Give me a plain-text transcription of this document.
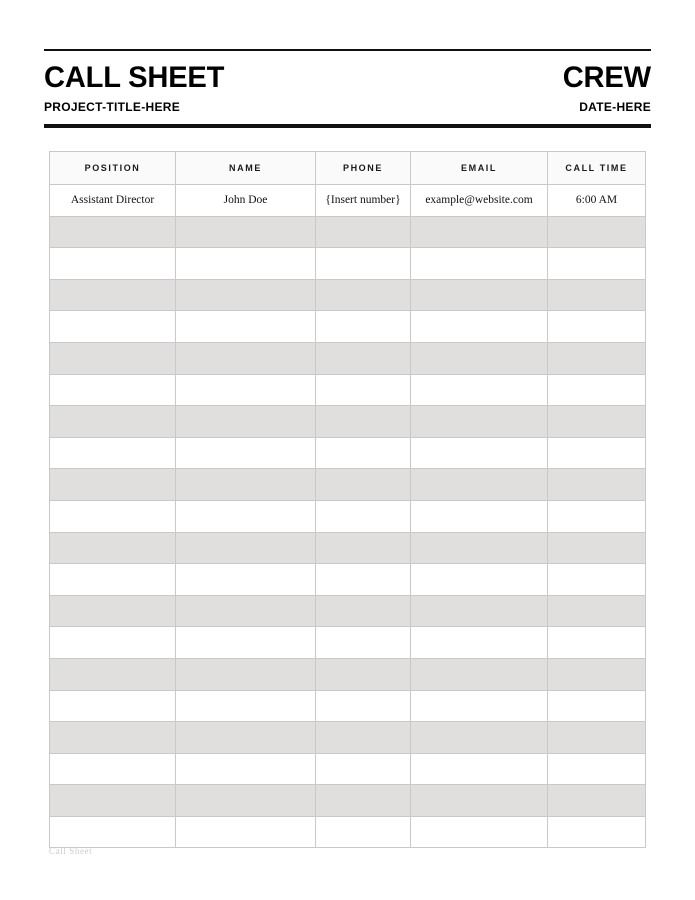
CALL SHEET
PROJECT-TITLE-HERE
CREW
DATE-HERE
POSITION	NAME	PHONE	EMAIL	CALL TIME

Assistant Director	John Doe	{Insert number}	example@website.com	6:00 AM

Call Sheet
